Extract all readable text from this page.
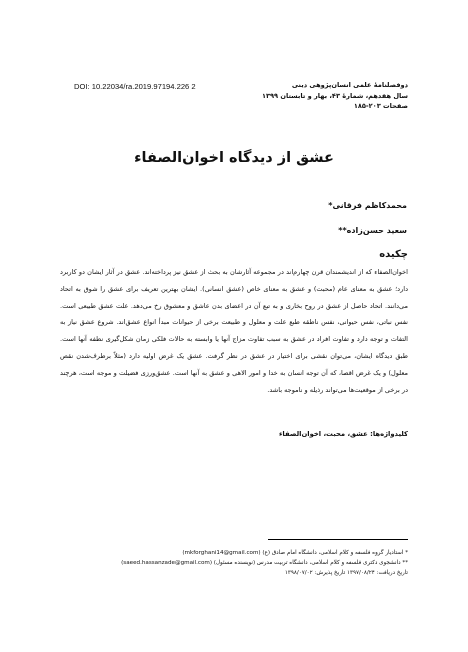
دوفصلنامهٔ علمی انسان‌پژوهی دینی
سال هفدهم، شمارهٔ ۴۳، بهار و تابستان ۱۳۹۹
صفحات ۲۰۳-۱۸۵
DOI: 10.22034/ra.2019.97194.226 2
عشق از دیدگاه اخوان‌الصفاء
محمدکاظم فرقانی*
سعید حسن‌زاده**
چکیده
اخوان‌الصفاء که از اندیشمندان قرن چهارم‌اند در مجموعه آثارشان به بحث از عشق نیز پرداخته‌اند. عشق در آثار ایشان دو کاربرد دارد؛ عشق به معنای عام (محبت) و عشق به معنای خاص (عشق انسانی). ایشان بهترین تعریف برای عشق را شوق به اتحاد می‌دانند. اتحاد حاصل از عشق در روح بخاری و به تبع آن در اعضای بدن عاشق و معشوق رخ می‌دهد. علت عشق طبیعی است. نفس نباتی، نفس حیوانی، نفس ناطقه طبع علت و معلول و طبیعت برخی از حیوانات مبدأ انواع عشق‌اند. شروع عشق نیاز به التفات و توجه دارد و تفاوت افراد در عشق به سبب تفاوت مزاج آنها یا وابسته به حالات فلکی زمان شکل‌گیری نطفه آنها است. طبق دیدگاه ایشان، می‌توان نقشی برای اختیار در عشق در نظر گرفت. عشق یک غرض اولیه دارد (مثلاً برطرف‌شدن نقص معلول) و یک غرض اقصا، که آن توجه انسان به خدا و امور الاهی و عشق به آنها است. عشق‌ورزی فضیلت و موجه است، هرچند در برخی از موقعیت‌ها می‌تواند رذیله و ناموجه باشد.
کلیدواژه‌ها: عشق، محبت، اخوان‌الصفاء
* استادیار گروه فلسفه و کلام اسلامی، دانشگاه امام صادق (ع) (mkforghani14@gmail.com)
** دانشجوی دکتری فلسفه و کلام اسلامی، دانشگاه تربیت مدرس (نویسنده مسئول) (saeed.hassanzade@gmail.com)
تاریخ دریافت: ۱۳۹۷/۰۸/۲۴ تاریخ پذیرش: ۱۳۹۸/۰۷/۰۲
